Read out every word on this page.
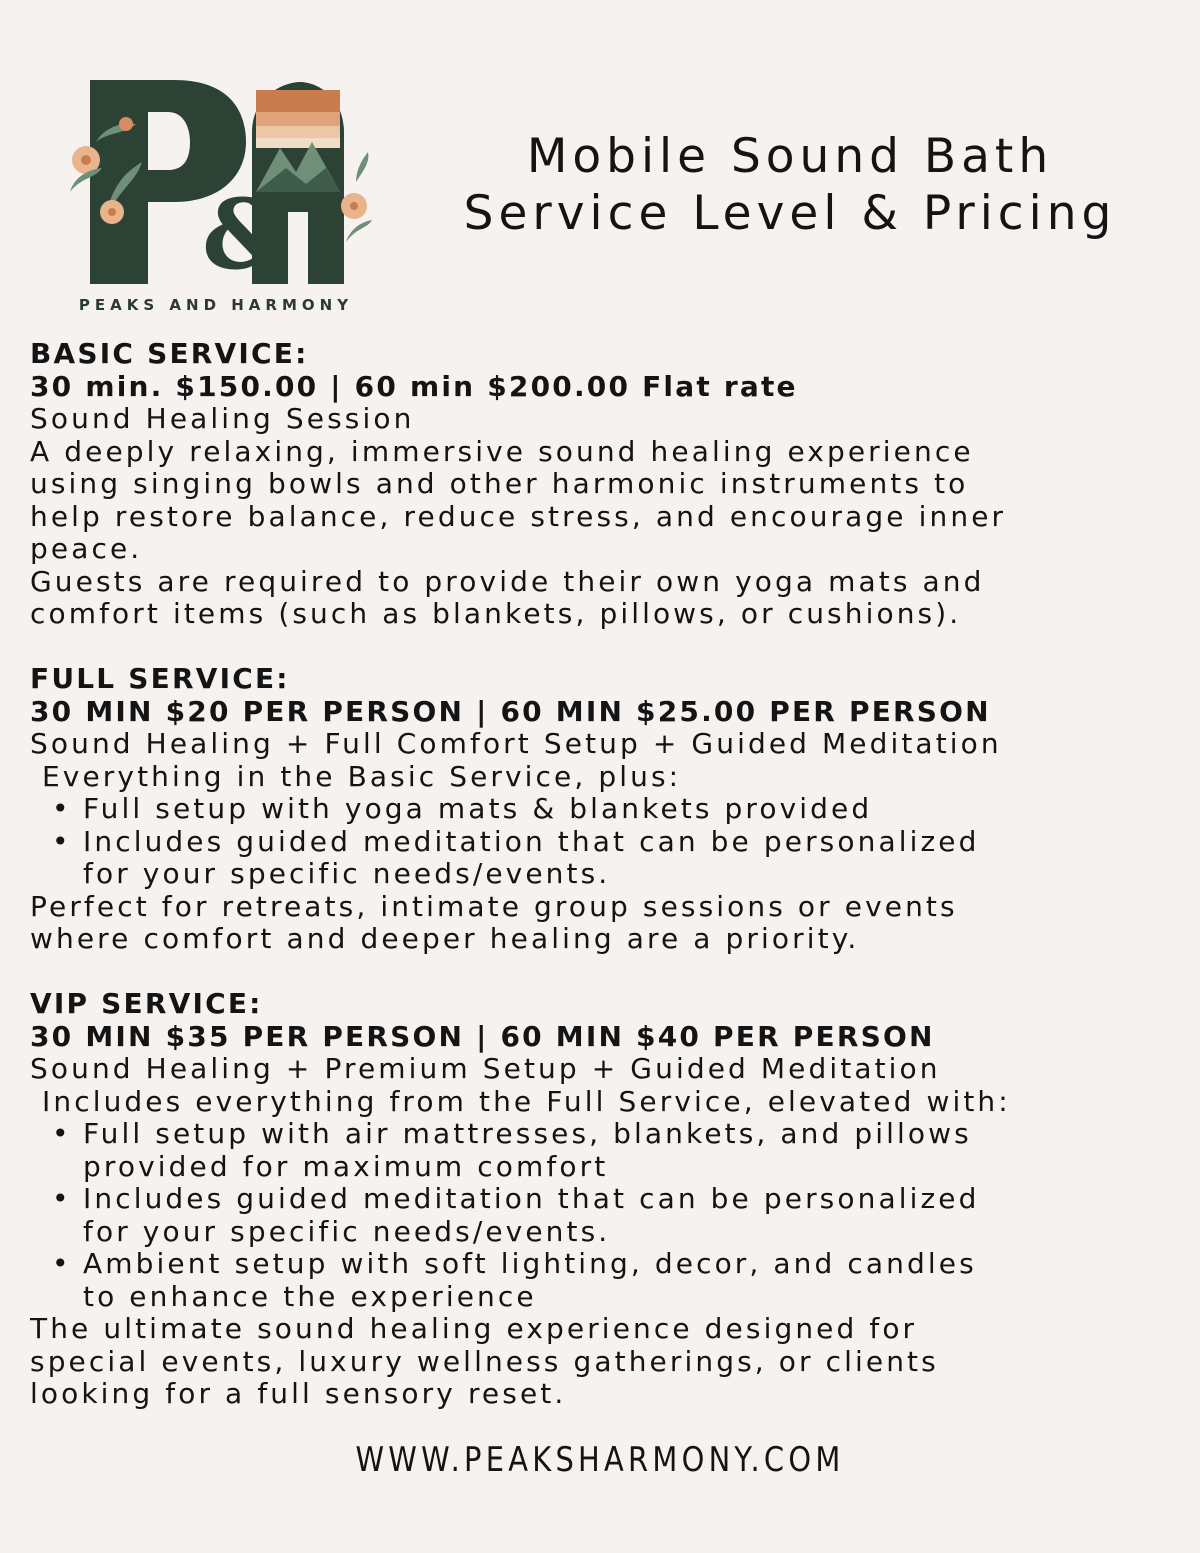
&
PEAKS AND HARMONY
Mobile Sound Bath
Service Level & Pricing
BASIC SERVICE:
30 min. $150.00 | 60 min $200.00 Flat rate
Sound Healing Session
A deeply relaxing, immersive sound healing experience
using singing bowls and other harmonic instruments to
help restore balance, reduce stress, and encourage inner
peace.
Guests are required to provide their own yoga mats and
comfort items (such as blankets, pillows, or cushions).
FULL SERVICE:
30 MIN $20 PER PERSON | 60 MIN $25.00 PER PERSON
Sound Healing + Full Comfort Setup + Guided Meditation
Everything in the Basic Service, plus:
• Full setup with yoga mats & blankets provided
• Includes guided meditation that can be personalized
for your specific needs/events.
Perfect for retreats, intimate group sessions or events
where comfort and deeper healing are a priority.
VIP SERVICE:
30 MIN $35 PER PERSON | 60 MIN $40 PER PERSON
Sound Healing + Premium Setup + Guided Meditation
Includes everything from the Full Service, elevated with:
• Full setup with air mattresses, blankets, and pillows
provided for maximum comfort
• Includes guided meditation that can be personalized
for your specific needs/events.
• Ambient setup with soft lighting, decor, and candles
to enhance the experience
The ultimate sound healing experience designed for
special events, luxury wellness gatherings, or clients
looking for a full sensory reset.
WWW.PEAKSHARMONY.COM
